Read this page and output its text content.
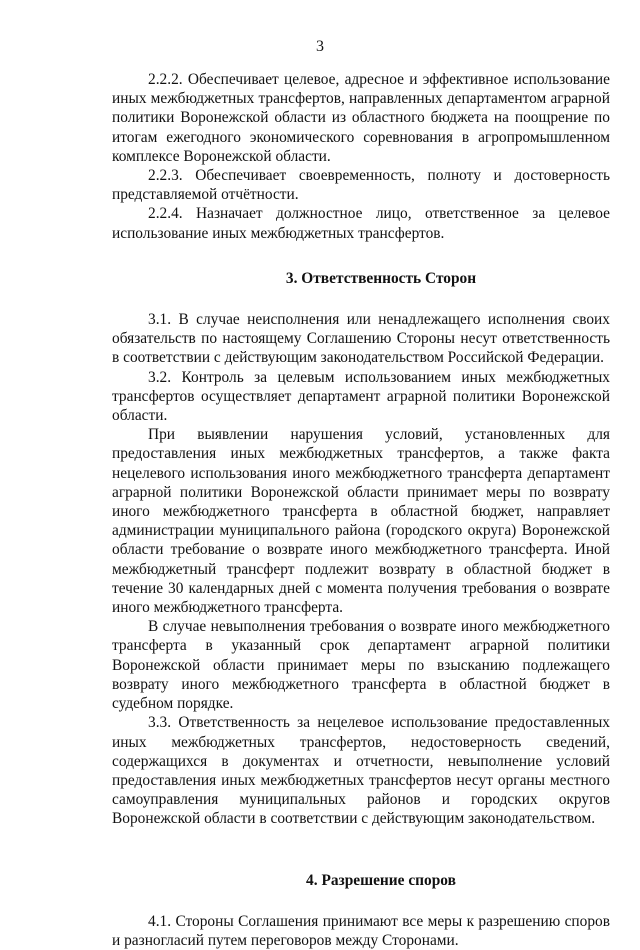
3

2.2.2. Обеспечивает целевое, адресное и эффективное использование иных межбюджетных трансфертов, направленных департаментом аграрной политики Воронежской области из областного бюджета на поощрение по итогам ежегодного экономического соревнования в агропромышленном комплексе Воронежской области.

2.2.3. Обеспечивает своевременность, полноту и достоверность представляемой отчётности.

2.2.4. Назначает должностное лицо, ответственное за целевое использование иных межбюджетных трансфертов.

3. Ответственность Сторон

3.1. В случае неисполнения или ненадлежащего исполнения своих обязательств по настоящему Соглашению Стороны несут ответственность в соответствии с действующим законодательством Российской Федерации.

3.2. Контроль за целевым использованием иных межбюджетных трансфертов осуществляет департамент аграрной политики Воронежской области.

При выявлении нарушения условий, установленных для предоставления иных межбюджетных трансфертов, а также факта нецелевого использования иного межбюджетного трансферта департамент аграрной политики Воронежской области принимает меры по возврату иного межбюджетного трансферта в областной бюджет, направляет администрации муниципального района (городского округа) Воронежской области требование о возврате иного межбюджетного трансферта. Иной межбюджетный трансферт подлежит возврату в областной бюджет в течение 30 календарных дней с момента получения требования о возврате иного межбюджетного трансферта.

В случае невыполнения требования о возврате иного межбюджетного трансферта в указанный срок департамент аграрной политики Воронежской области принимает меры по взысканию подлежащего возврату иного межбюджетного трансферта в областной бюджет в судебном порядке.

3.3. Ответственность за нецелевое использование предоставленных иных межбюджетных трансфертов, недостоверность сведений, содержащихся в документах и отчетности, невыполнение условий предоставления иных межбюджетных трансфертов несут органы местного самоуправления муниципальных районов и городских округов Воронежской области в соответствии с действующим законодательством.

4. Разрешение споров

4.1. Стороны Соглашения принимают все меры к разрешению споров и разногласий путем переговоров между Сторонами.
